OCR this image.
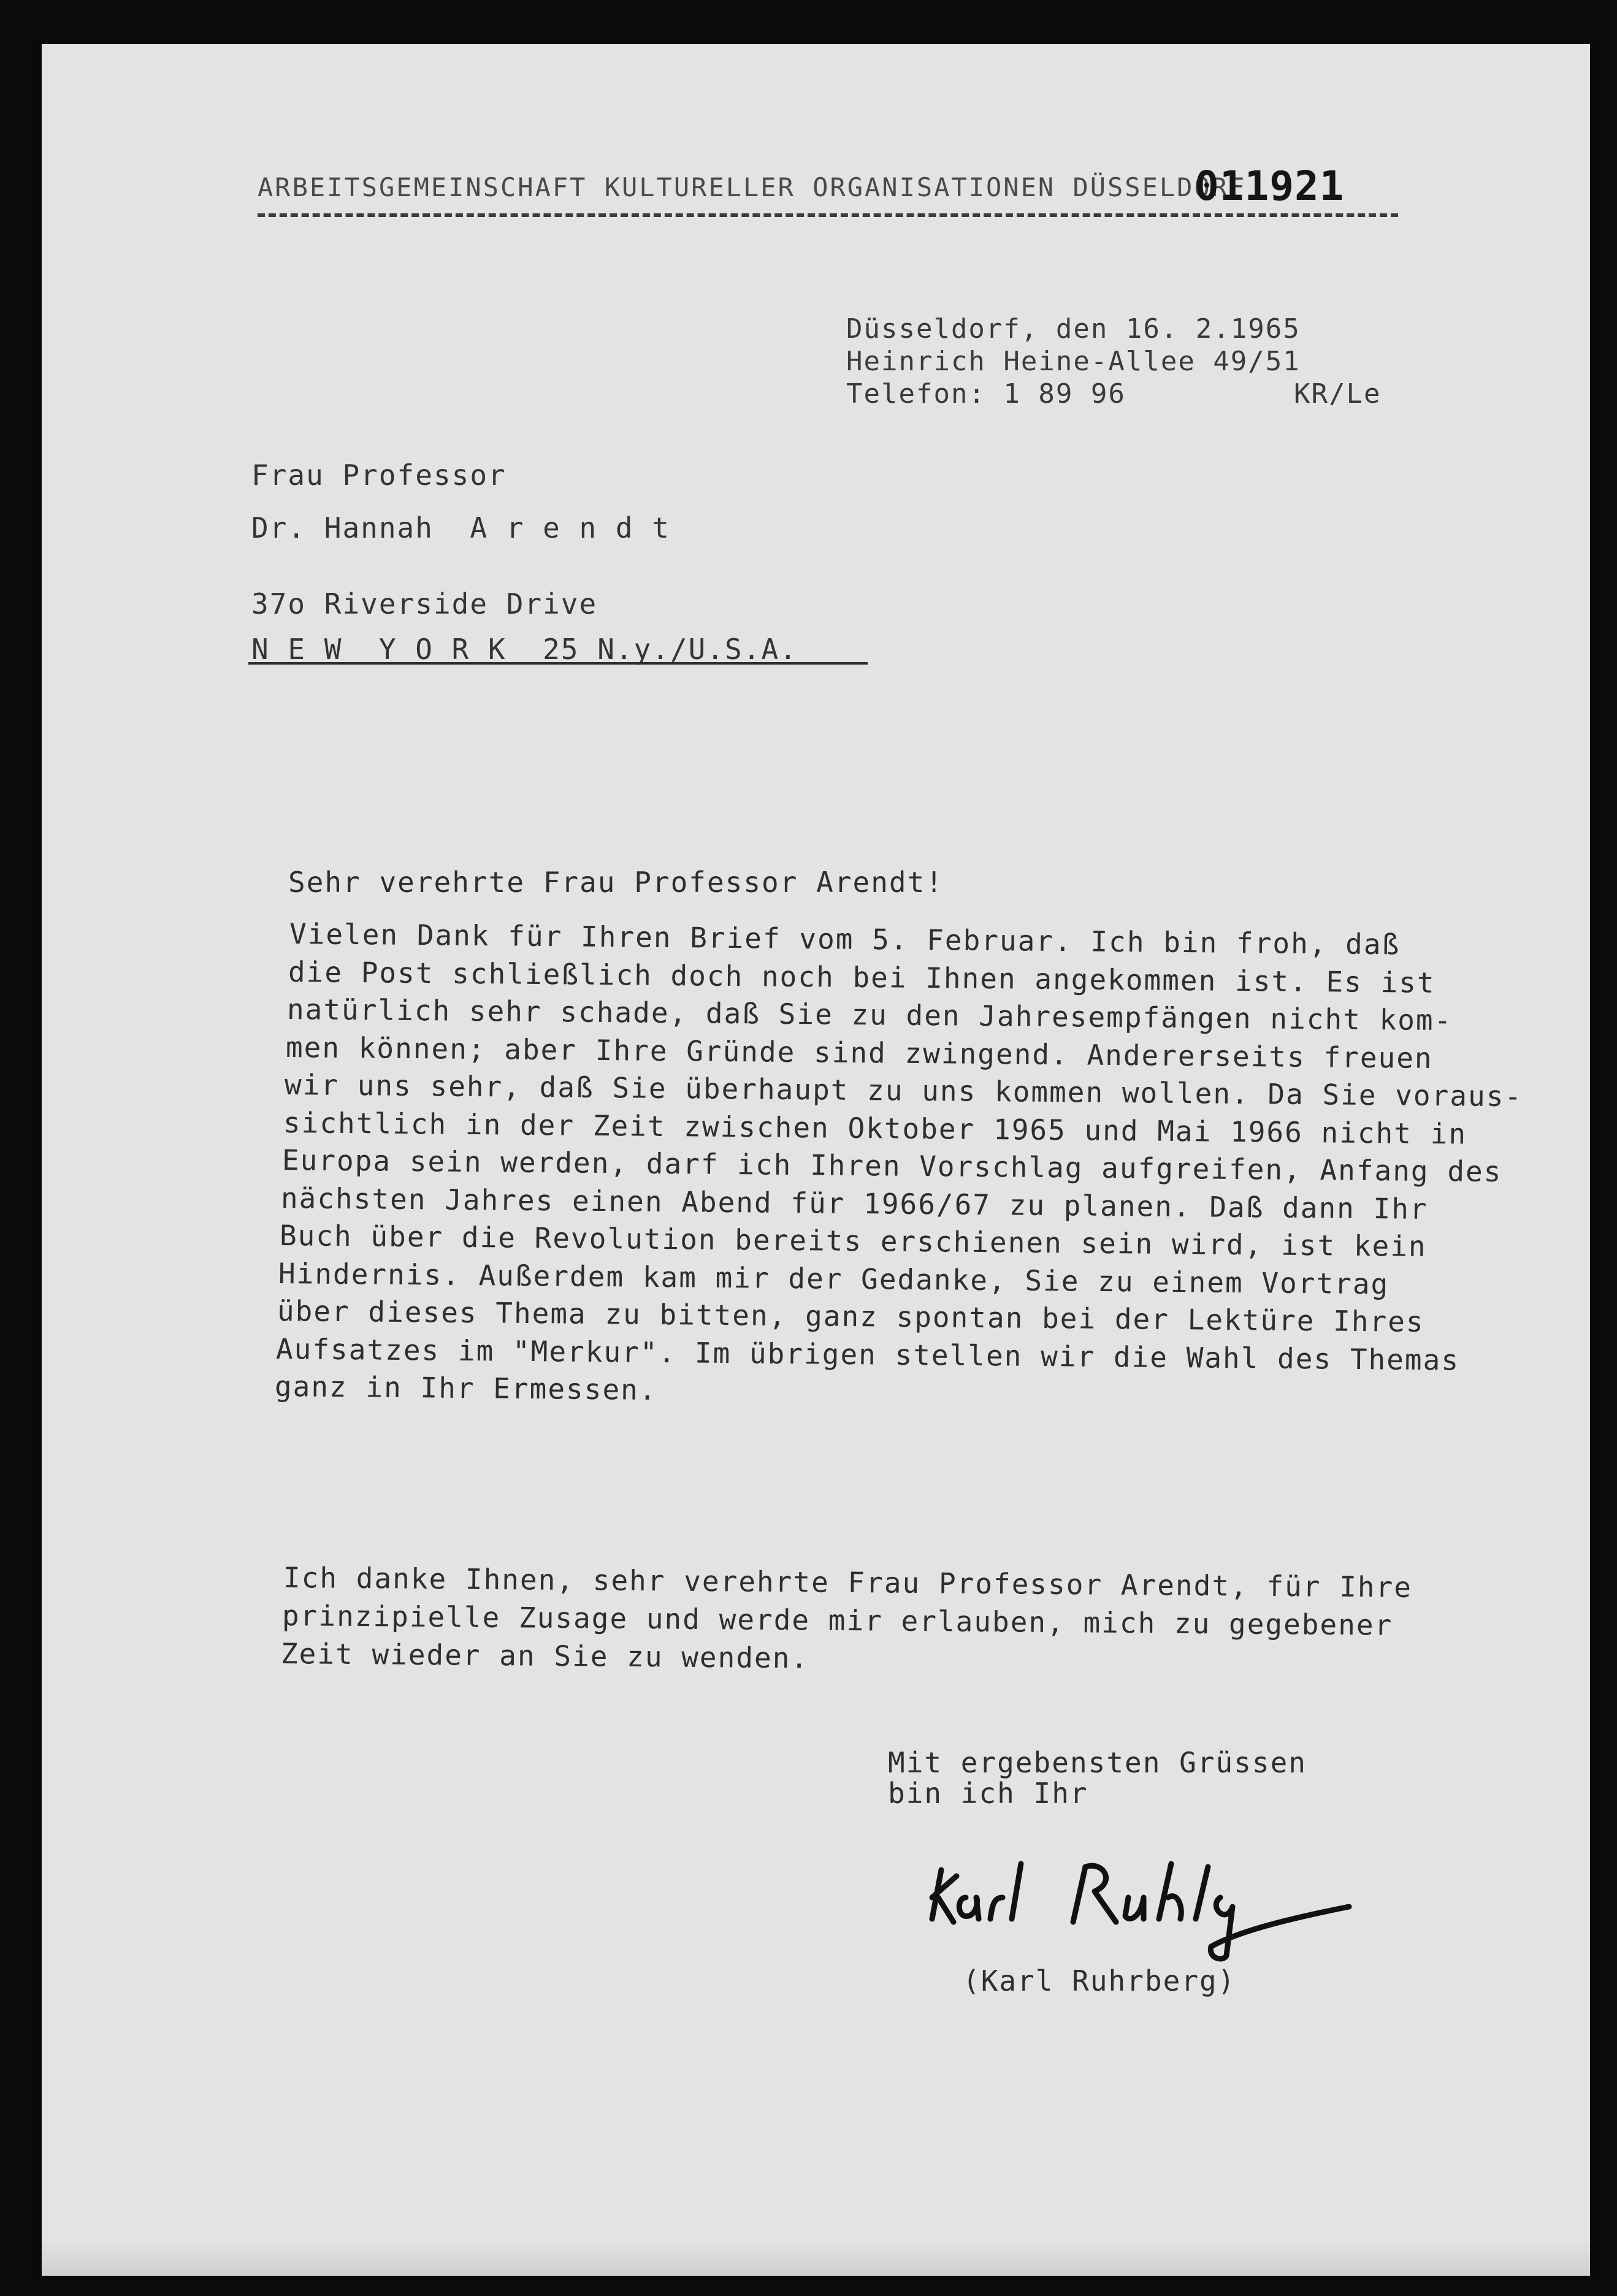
ARBEITSGEMEINSCHAFT KULTURELLER ORGANISATIONEN DÜSSELDORF
011921
Düsseldorf, den 16. 2.1965
Heinrich Heine-Allee 49/51
Telefon: 1 89 96	KR/Le
Frau Professor
Dr. Hannah  A r e n d t
37o Riverside Drive
N E W  Y O R K  25 N.y./U.S.A.
Sehr verehrte Frau Professor Arendt!
Vielen Dank für Ihren Brief vom 5. Februar. Ich bin froh, daß
die Post schließlich doch noch bei Ihnen angekommen ist. Es ist
natürlich sehr schade, daß Sie zu den Jahresempfängen nicht kom-
men können; aber Ihre Gründe sind zwingend. Andererseits freuen
wir uns sehr, daß Sie überhaupt zu uns kommen wollen. Da Sie voraus-
sichtlich in der Zeit zwischen Oktober 1965 und Mai 1966 nicht in
Europa sein werden, darf ich Ihren Vorschlag aufgreifen, Anfang des
nächsten Jahres einen Abend für 1966/67 zu planen. Daß dann Ihr
Buch über die Revolution bereits erschienen sein wird, ist kein
Hindernis. Außerdem kam mir der Gedanke, Sie zu einem Vortrag
über dieses Thema zu bitten, ganz spontan bei der Lektüre Ihres
Aufsatzes im "Merkur". Im übrigen stellen wir die Wahl des Themas
ganz in Ihr Ermessen.
Ich danke Ihnen, sehr verehrte Frau Professor Arendt, für Ihre
prinzipielle Zusage und werde mir erlauben, mich zu gegebener
Zeit wieder an Sie zu wenden.
Mit ergebensten Grüssen
bin ich Ihr
(Karl Ruhrberg)
